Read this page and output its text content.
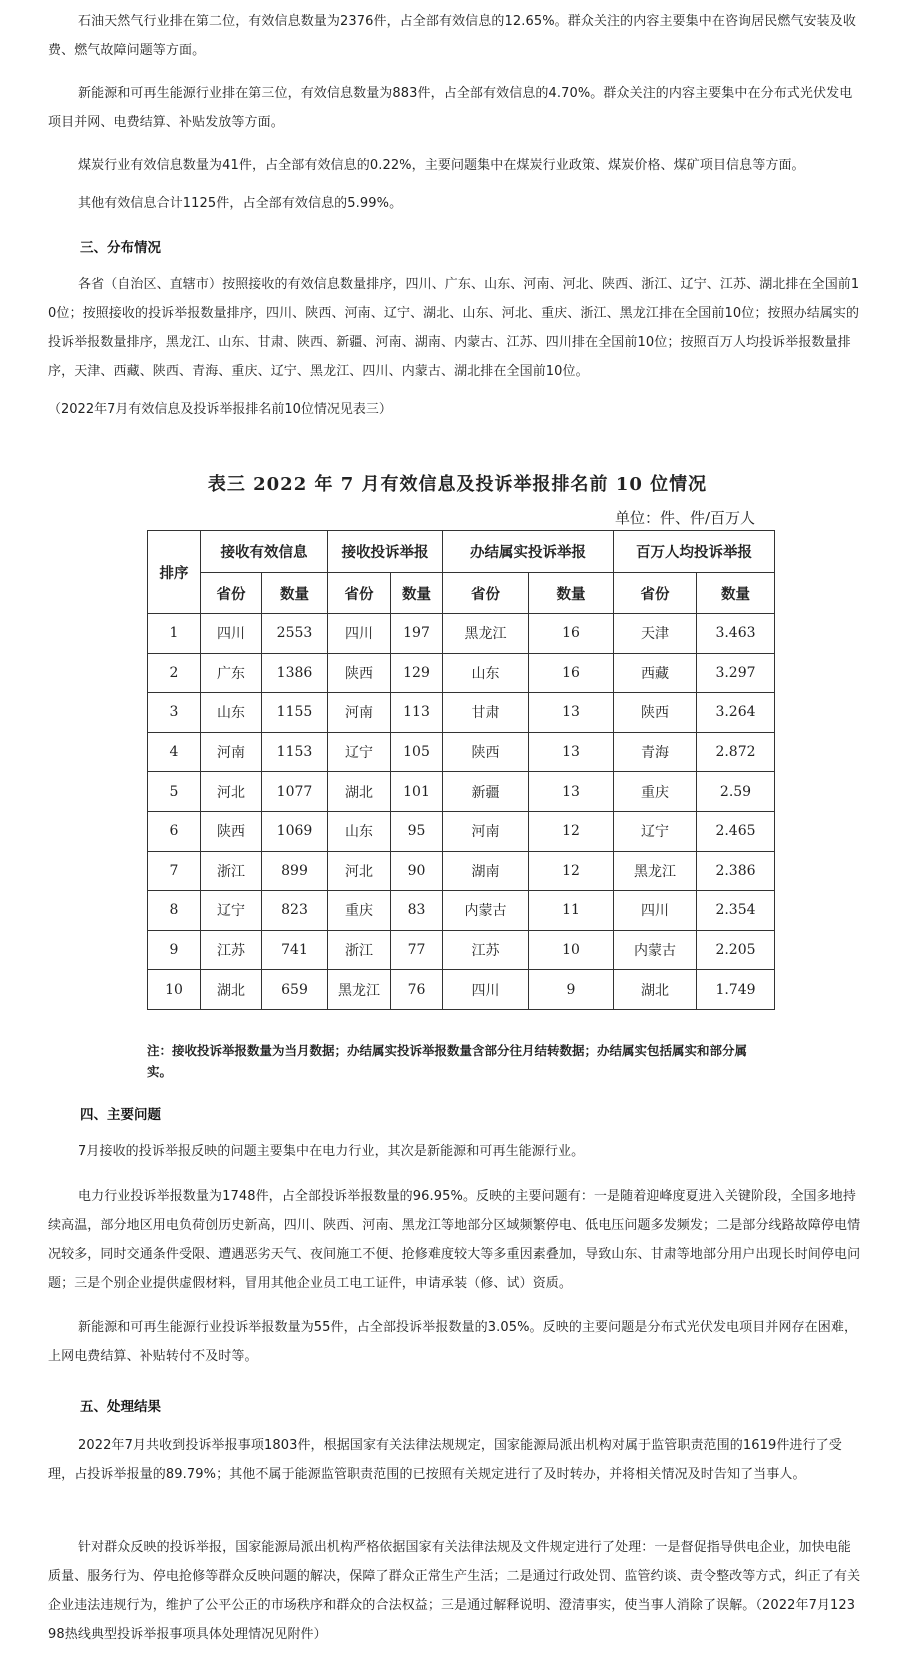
石油天然气行业排在第二位，有效信息数量为2376件，占全部有效信息的12.65%。群众关注的内容主要集中在咨询居民燃气安装及收费、燃气故障问题等方面。

新能源和可再生能源行业排在第三位，有效信息数量为883件，占全部有效信息的4.70%。群众关注的内容主要集中在分布式光伏发电项目并网、电费结算、补贴发放等方面。

煤炭行业有效信息数量为41件，占全部有效信息的0.22%，主要问题集中在煤炭行业政策、煤炭价格、煤矿项目信息等方面。

其他有效信息合计1125件，占全部有效信息的5.99%。

三、分布情况

各省（自治区、直辖市）按照接收的有效信息数量排序，四川、广东、山东、河南、河北、陕西、浙江、辽宁、江苏、湖北排在全国前10位；按照接收的投诉举报数量排序，四川、陕西、河南、辽宁、湖北、山东、河北、重庆、浙江、黑龙江排在全国前10位；按照办结属实的投诉举报数量排序，黑龙江、山东、甘肃、陕西、新疆、河南、湖南、内蒙古、江苏、四川排在全国前10位；按照百万人均投诉举报数量排序，天津、西藏、陕西、青海、重庆、辽宁、黑龙江、四川、内蒙古、湖北排在全国前10位。

（2022年7月有效信息及投诉举报排名前10位情况见表三）

表三 2022 年 7 月有效信息及投诉举报排名前 10 位情况
单位：件、件/百万人
排序	接收有效信息		接收投诉举报		办结属实投诉举报		百万人均投诉举报	
	省份	数量	省份	数量	省份	数量	省份	数量
1	四川	2553	四川	197	黑龙江	16	天津	3.463
2	广东	1386	陕西	129	山东	16	西藏	3.297
3	山东	1155	河南	113	甘肃	13	陕西	3.264
4	河南	1153	辽宁	105	陕西	13	青海	2.872
5	河北	1077	湖北	101	新疆	13	重庆	2.59
6	陕西	1069	山东	95	河南	12	辽宁	2.465
7	浙江	899	河北	90	湖南	12	黑龙江	2.386
8	辽宁	823	重庆	83	内蒙古	11	四川	2.354
9	江苏	741	浙江	77	江苏	10	内蒙古	2.205
10	湖北	659	黑龙江	76	四川	9	湖北	1.749
注：接收投诉举报数量为当月数据；办结属实投诉举报数量含部分往月结转数据；办结属实包括属实和部分属实。

四、主要问题

7月接收的投诉举报反映的问题主要集中在电力行业，其次是新能源和可再生能源行业。

电力行业投诉举报数量为1748件，占全部投诉举报数量的96.95%。反映的主要问题有：一是随着迎峰度夏进入关键阶段，全国多地持续高温，部分地区用电负荷创历史新高，四川、陕西、河南、黑龙江等地部分区域频繁停电、低电压问题多发频发；二是部分线路故障停电情况较多，同时交通条件受限、遭遇恶劣天气、夜间施工不便、抢修难度较大等多重因素叠加，导致山东、甘肃等地部分用户出现长时间停电问题；三是个别企业提供虚假材料，冒用其他企业员工电工证件，申请承装（修、试）资质。

新能源和可再生能源行业投诉举报数量为55件，占全部投诉举报数量的3.05%。反映的主要问题是分布式光伏发电项目并网存在困难，上网电费结算、补贴转付不及时等。

五、处理结果

2022年7月共收到投诉举报事项1803件，根据国家有关法律法规规定，国家能源局派出机构对属于监管职责范围的1619件进行了受理，占投诉举报量的89.79%；其他不属于能源监管职责范围的已按照有关规定进行了及时转办，并将相关情况及时告知了当事人。

针对群众反映的投诉举报，国家能源局派出机构严格依据国家有关法律法规及文件规定进行了处理：一是督促指导供电企业，加快电能质量、服务行为、停电抢修等群众反映问题的解决，保障了群众正常生产生活；二是通过行政处罚、监管约谈、责令整改等方式，纠正了有关企业违法违规行为，维护了公平公正的市场秩序和群众的合法权益；三是通过解释说明、澄清事实，使当事人消除了误解。（2022年7月12398热线典型投诉举报事项具体处理情况见附件）
